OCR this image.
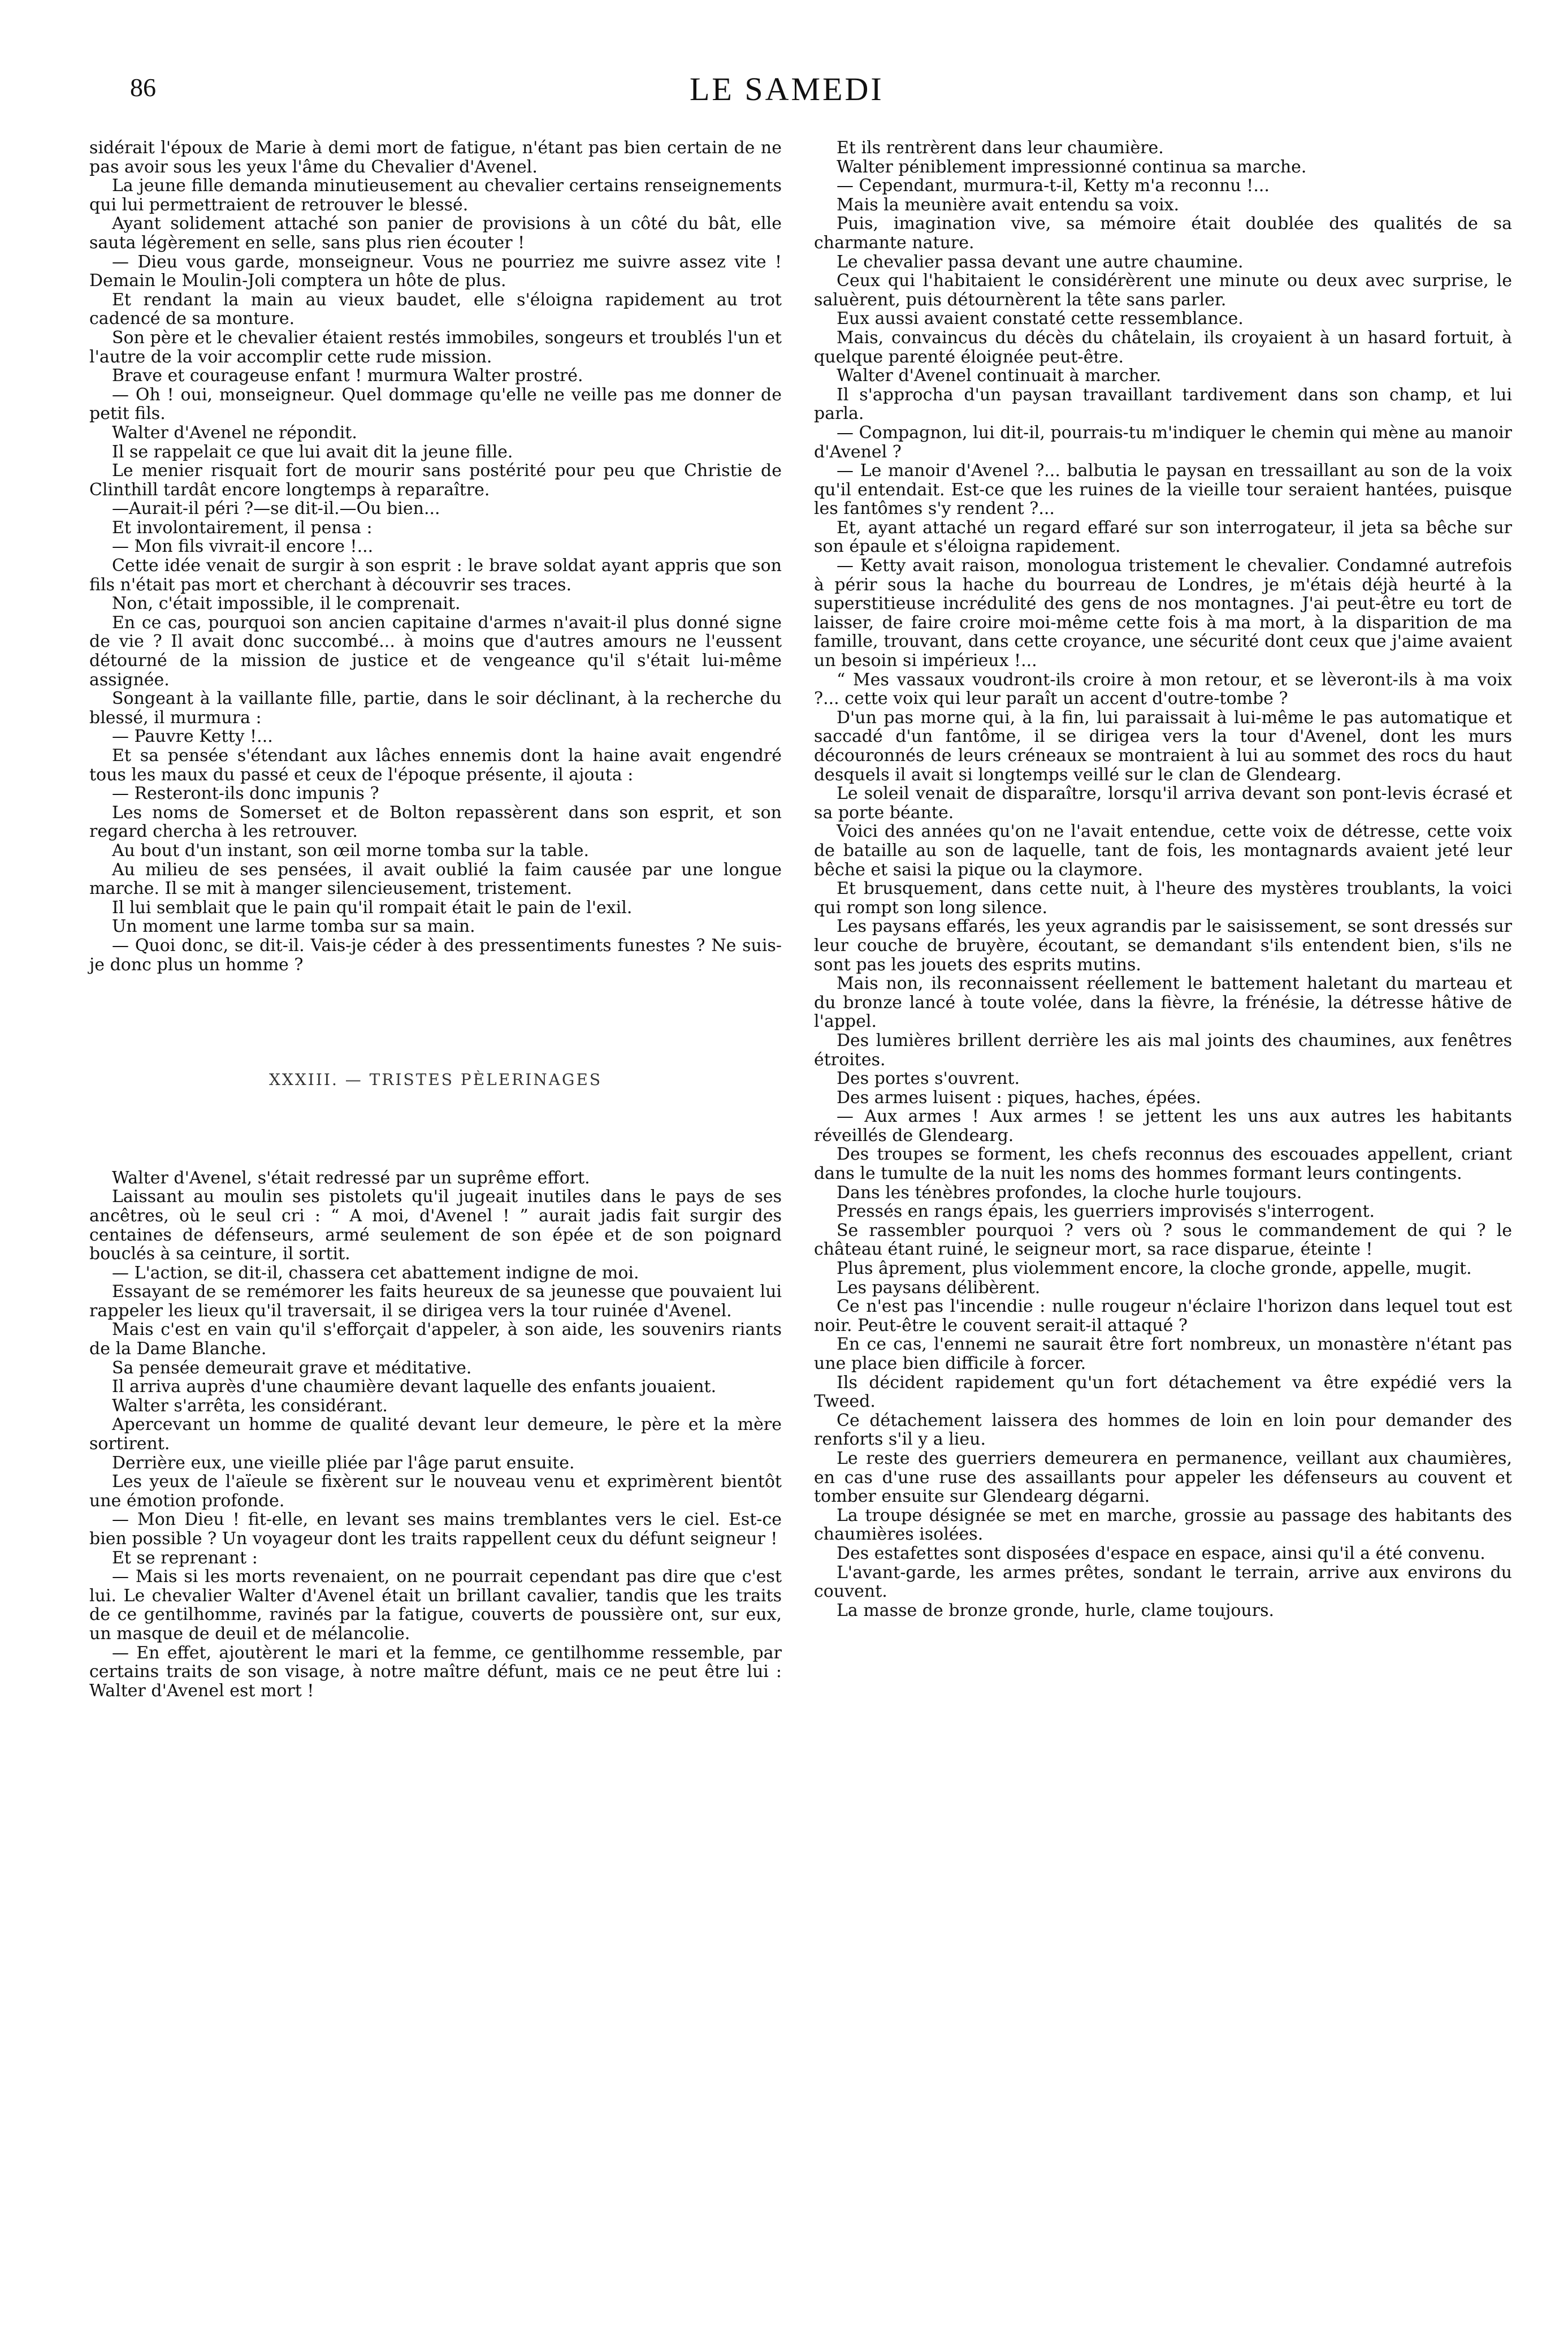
86	LE SAMEDI

sidérait l'époux de Marie à demi mort de fatigue, n'étant pas bien certain de ne pas avoir sous les yeux l'âme du Chevalier d'Avenel.

La jeune fille demanda minutieusement au chevalier certains renseignements qui lui permettraient de retrouver le blessé.

Ayant solidement attaché son panier de provisions à un côté du bât, elle sauta légèrement en selle, sans plus rien écouter !

— Dieu vous garde, monseigneur. Vous ne pourriez me suivre assez vite ! Demain le Moulin-Joli comptera un hôte de plus.

Et rendant la main au vieux baudet, elle s'éloigna rapidement au trot cadencé de sa monture.

Son père et le chevalier étaient restés immobiles, songeurs et troublés l'un et l'autre de la voir accomplir cette rude mission.

Brave et courageuse enfant ! murmura Walter prostré.

— Oh ! oui, monseigneur. Quel dommage qu'elle ne veille pas me donner de petit fils.

Walter d'Avenel ne répondit.

Il se rappelait ce que lui avait dit la jeune fille.

Le menier risquait fort de mourir sans postérité pour peu que Christie de Clinthill tardât encore longtemps à reparaître.

—Aurait-il péri ?—se dit-il.—Ou bien...

Et involontairement, il pensa :

— Mon fils vivrait-il encore !...

Cette idée venait de surgir à son esprit : le brave soldat ayant appris que son fils n'était pas mort et cherchant à découvrir ses traces.

Non, c'était impossible, il le comprenait.

En ce cas, pourquoi son ancien capitaine d'armes n'avait-il plus donné signe de vie ? Il avait donc succombé... à moins que d'autres amours ne l'eussent détourné de la mission de justice et de vengeance qu'il s'était lui-même assignée.

Songeant à la vaillante fille, partie, dans le soir déclinant, à la recherche du blessé, il murmura :

— Pauvre Ketty !...

Et sa pensée s'étendant aux lâches ennemis dont la haine avait engendré tous les maux du passé et ceux de l'époque présente, il ajouta :

— Resteront-ils donc impunis ?

Les noms de Somerset et de Bolton repassèrent dans son esprit, et son regard chercha à les retrouver.

Au bout d'un instant, son œil morne tomba sur la table.

Au milieu de ses pensées, il avait oublié la faim causée par une longue marche. Il se mit à manger silencieusement, tristement.

Il lui semblait que le pain qu'il rompait était le pain de l'exil.

Un moment une larme tomba sur sa main.

— Quoi donc, se dit-il. Vais-je céder à des pressentiments funestes ? Ne suis-je donc plus un homme ?

XXXIII. — TRISTES PÈLERINAGES

Walter d'Avenel, s'était redressé par un suprême effort.

Laissant au moulin ses pistolets qu'il jugeait inutiles dans le pays de ses ancêtres, où le seul cri : “ A moi, d'Avenel ! ” aurait jadis fait surgir des centaines de défenseurs, armé seulement de son épée et de son poignard bouclés à sa ceinture, il sortit.

— L'action, se dit-il, chassera cet abattement indigne de moi.

Essayant de se remémorer les faits heureux de sa jeunesse que pouvaient lui rappeler les lieux qu'il traversait, il se dirigea vers la tour ruinée d'Avenel.

Mais c'est en vain qu'il s'efforçait d'appeler, à son aide, les souvenirs riants de la Dame Blanche.

Sa pensée demeurait grave et méditative.

Il arriva auprès d'une chaumière devant laquelle des enfants jouaient.

Walter s'arrêta, les considérant.

Apercevant un homme de qualité devant leur demeure, le père et la mère sortirent.

Derrière eux, une vieille pliée par l'âge parut ensuite.

Les yeux de l'aïeule se fixèrent sur le nouveau venu et exprimèrent bientôt une émotion profonde.

— Mon Dieu ! fit-elle, en levant ses mains tremblantes vers le ciel. Est-ce bien possible ? Un voyageur dont les traits rappellent ceux du défunt seigneur !

Et se reprenant :

— Mais si les morts revenaient, on ne pourrait cependant pas dire que c'est lui. Le chevalier Walter d'Avenel était un brillant cavalier, tandis que les traits de ce gentilhomme, ravinés par la fatigue, couverts de poussière ont, sur eux, un masque de deuil et de mélancolie.

— En effet, ajoutèrent le mari et la femme, ce gentilhomme ressemble, par certains traits de son visage, à notre maître défunt, mais ce ne peut être lui : Walter d'Avenel est mort !

Et ils rentrèrent dans leur chaumière.

Walter péniblement impressionné continua sa marche.

— Cependant, murmura-t-il, Ketty m'a reconnu !...

Mais la meunière avait entendu sa voix.

Puis, imagination vive, sa mémoire était doublée des qualités de sa charmante nature.

Le chevalier passa devant une autre chaumine.

Ceux qui l'habitaient le considérèrent une minute ou deux avec surprise, le saluèrent, puis détournèrent la tête sans parler.

Eux aussi avaient constaté cette ressemblance.

Mais, convaincus du décès du châtelain, ils croyaient à un hasard fortuit, à quelque parenté éloignée peut-être.

Walter d'Avenel continuait à marcher.

Il s'approcha d'un paysan travaillant tardivement dans son champ, et lui parla.

— Compagnon, lui dit-il, pourrais-tu m'indiquer le chemin qui mène au manoir d'Avenel ?

— Le manoir d'Avenel ?... balbutia le paysan en tressaillant au son de la voix qu'il entendait. Est-ce que les ruines de la vieille tour seraient hantées, puisque les fantômes s'y rendent ?...

Et, ayant attaché un regard effaré sur son interrogateur, il jeta sa bêche sur son épaule et s'éloigna rapidement.

— Ketty avait raison, monologua tristement le chevalier. Condamné autrefois à périr sous la hache du bourreau de Londres, je m'étais déjà heurté à la superstitieuse incrédulité des gens de nos montagnes. J'ai peut-être eu tort de laisser, de faire croire moi-même cette fois à ma mort, à la disparition de ma famille, trouvant, dans cette croyance, une sécurité dont ceux que j'aime avaient un besoin si impérieux !...

“ Mes vassaux voudront-ils croire à mon retour, et se lèveront-ils à ma voix ?... cette voix qui leur paraît un accent d'outre-tombe ?

D'un pas morne qui, à la fin, lui paraissait à lui-même le pas automatique et saccadé d'un fantôme, il se dirigea vers la tour d'Avenel, dont les murs découronnés de leurs créneaux se montraient à lui au sommet des rocs du haut desquels il avait si longtemps veillé sur le clan de Glendearg.

Le soleil venait de disparaître, lorsqu'il arriva devant son pont-levis écrasé et sa porte béante.

Voici des années qu'on ne l'avait entendue, cette voix de détresse, cette voix de bataille au son de laquelle, tant de fois, les montagnards avaient jeté leur bêche et saisi la pique ou la claymore.

Et brusquement, dans cette nuit, à l'heure des mystères troublants, la voici qui rompt son long silence.

Les paysans effarés, les yeux agrandis par le saisissement, se sont dressés sur leur couche de bruyère, écoutant, se demandant s'ils entendent bien, s'ils ne sont pas les jouets des esprits mutins.

Mais non, ils reconnaissent réellement le battement haletant du marteau et du bronze lancé à toute volée, dans la fièvre, la frénésie, la détresse hâtive de l'appel.

Des lumières brillent derrière les ais mal joints des chaumines, aux fenêtres étroites.

Des portes s'ouvrent.

Des armes luisent : piques, haches, épées.

— Aux armes ! Aux armes ! se jettent les uns aux autres les habitants réveillés de Glendearg.

Des troupes se forment, les chefs reconnus des escouades appellent, criant dans le tumulte de la nuit les noms des hommes formant leurs contingents.

Dans les ténèbres profondes, la cloche hurle toujours.

Pressés en rangs épais, les guerriers improvisés s'interrogent.

Se rassembler pourquoi ? vers où ? sous le commandement de qui ? le château étant ruiné, le seigneur mort, sa race disparue, éteinte !

Plus âprement, plus violemment encore, la cloche gronde, appelle, mugit.

Les paysans délibèrent.

Ce n'est pas l'incendie : nulle rougeur n'éclaire l'horizon dans lequel tout est noir. Peut-être le couvent serait-il attaqué ?

En ce cas, l'ennemi ne saurait être fort nombreux, un monastère n'étant pas une place bien difficile à forcer.

Ils décident rapidement qu'un fort détachement va être expédié vers la Tweed.

Ce détachement laissera des hommes de loin en loin pour demander des renforts s'il y a lieu.

Le reste des guerriers demeurera en permanence, veillant aux chaumières, en cas d'une ruse des assaillants pour appeler les défenseurs au couvent et tomber ensuite sur Glendearg dégarni.

La troupe désignée se met en marche, grossie au passage des habitants des chaumières isolées.

Des estafettes sont disposées d'espace en espace, ainsi qu'il a été convenu.

L'avant-garde, les armes prêtes, sondant le terrain, arrive aux environs du couvent.

La masse de bronze gronde, hurle, clame toujours.
